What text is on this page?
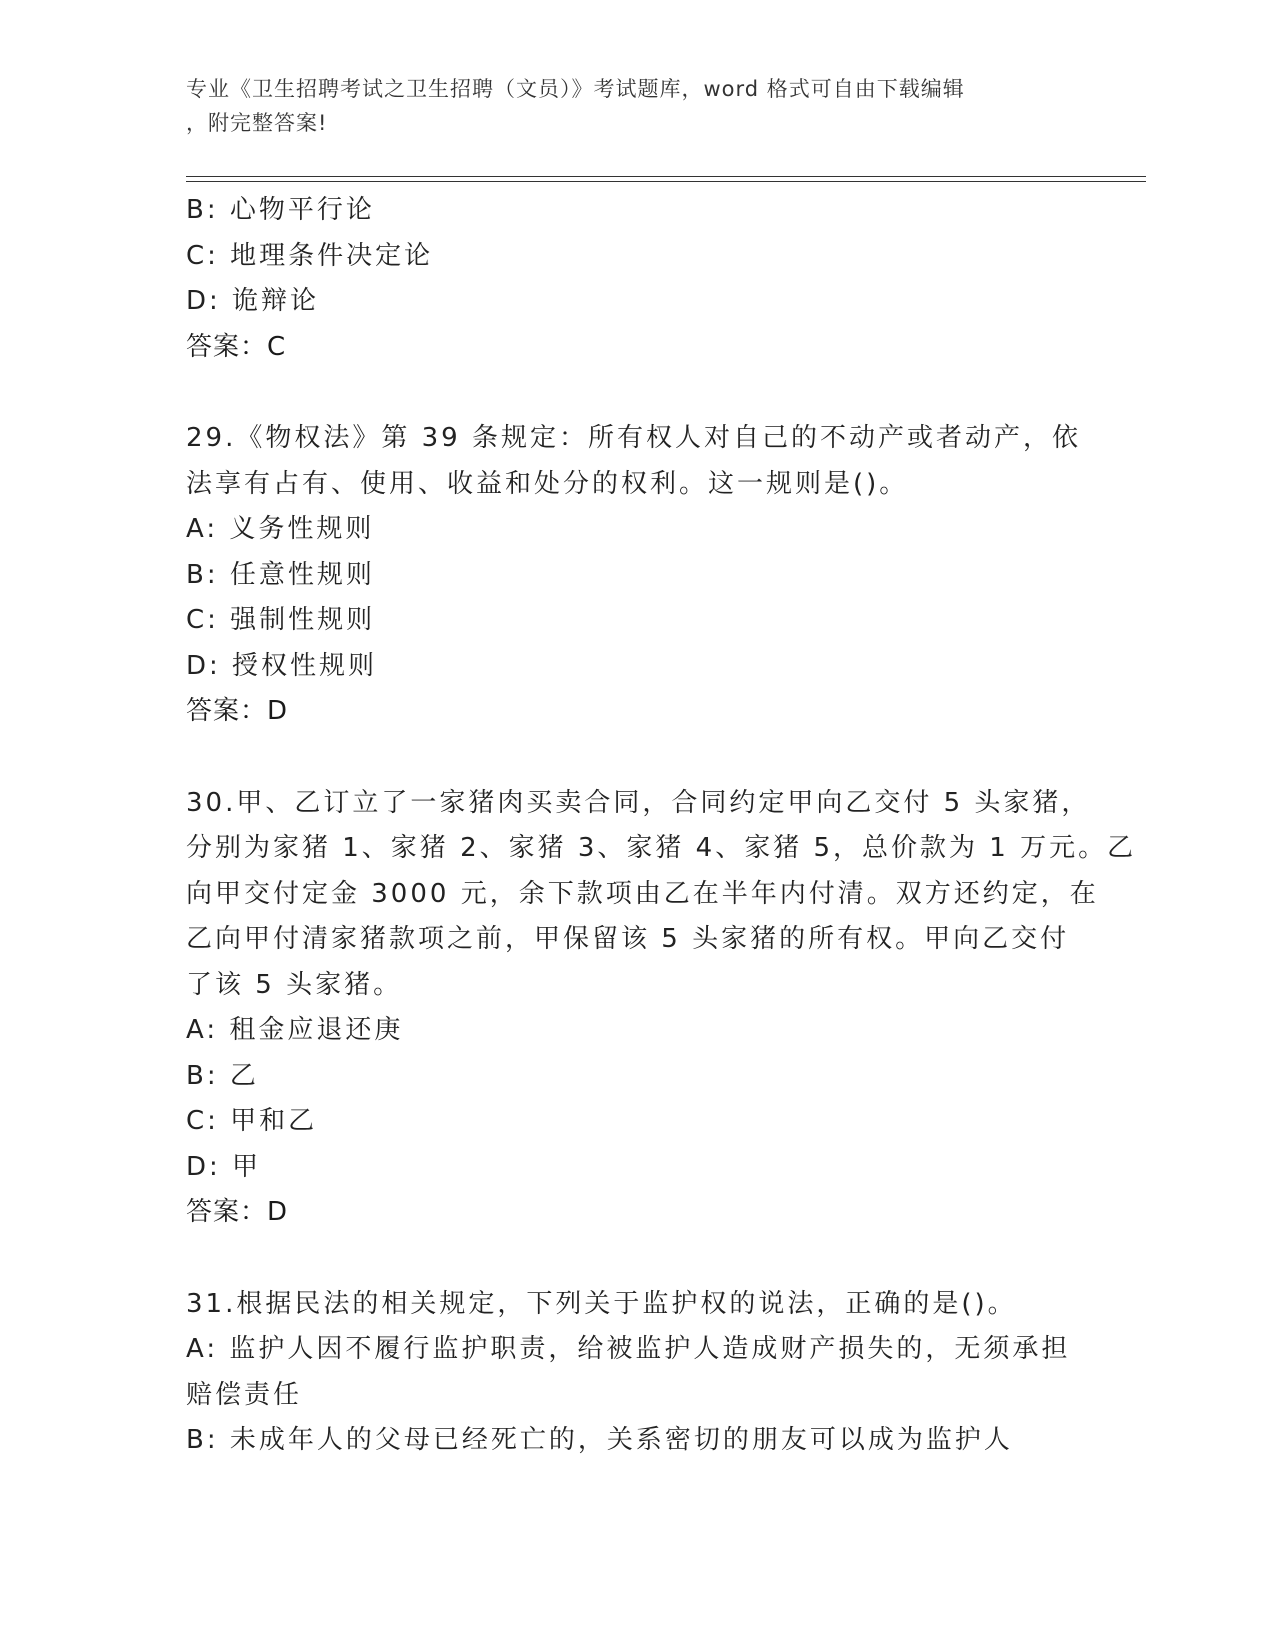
专业《卫生招聘考试之卫生招聘（文员）》考试题库，word 格式可自由下载编辑
，附完整答案!
B: 心物平行论
C: 地理条件决定论
D: 诡辩论
答案：C
29.《物权法》第 39 条规定：所有权人对自己的不动产或者动产，依
法享有占有、使用、收益和处分的权利。这一规则是()。
A: 义务性规则
B: 任意性规则
C: 强制性规则
D: 授权性规则
答案：D
30.甲、乙订立了一家猪肉买卖合同，合同约定甲向乙交付 5 头家猪，
分别为家猪 1、家猪 2、家猪 3、家猪 4、家猪 5，总价款为 1 万元。乙
向甲交付定金 3000 元，余下款项由乙在半年内付清。双方还约定，在
乙向甲付清家猪款项之前，甲保留该 5 头家猪的所有权。甲向乙交付
了该 5 头家猪。
A: 租金应退还庚
B: 乙
C: 甲和乙
D: 甲
答案：D
31.根据民法的相关规定，下列关于监护权的说法，正确的是()。
A: 监护人因不履行监护职责，给被监护人造成财产损失的，无须承担
赔偿责任
B: 未成年人的父母已经死亡的，关系密切的朋友可以成为监护人
